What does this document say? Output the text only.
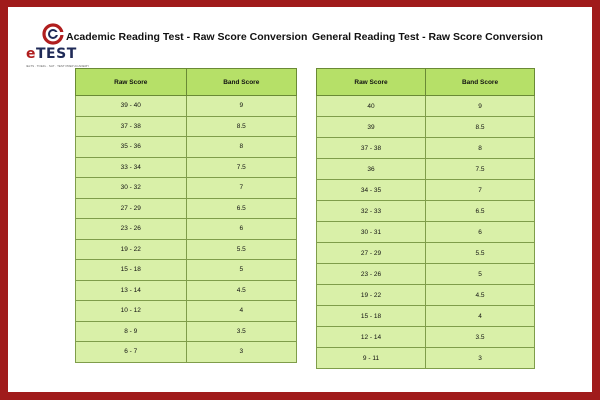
eTEST
IELTS · TOEFL · SAT · TEST PREP ACADEMY
Academic Reading Test - Raw Score Conversion General Reading Test - Raw Score Conversion
Raw Score	Band Score
39 - 40	9
37 - 38	8.5
35 - 36	8
33 - 34	7.5
30 - 32	7
27 - 29	6.5
23 - 26	6
19 - 22	5.5
15 - 18	5
13 - 14	4.5
10 - 12	4
8 - 9	3.5
6 - 7	3
Raw Score	Band Score
40	9
39	8.5
37 - 38	8
36	7.5
34 - 35	7
32 - 33	6.5
30 - 31	6
27 - 29	5.5
23 - 26	5
19 - 22	4.5
15 - 18	4
12 - 14	3.5
9 - 11	3
